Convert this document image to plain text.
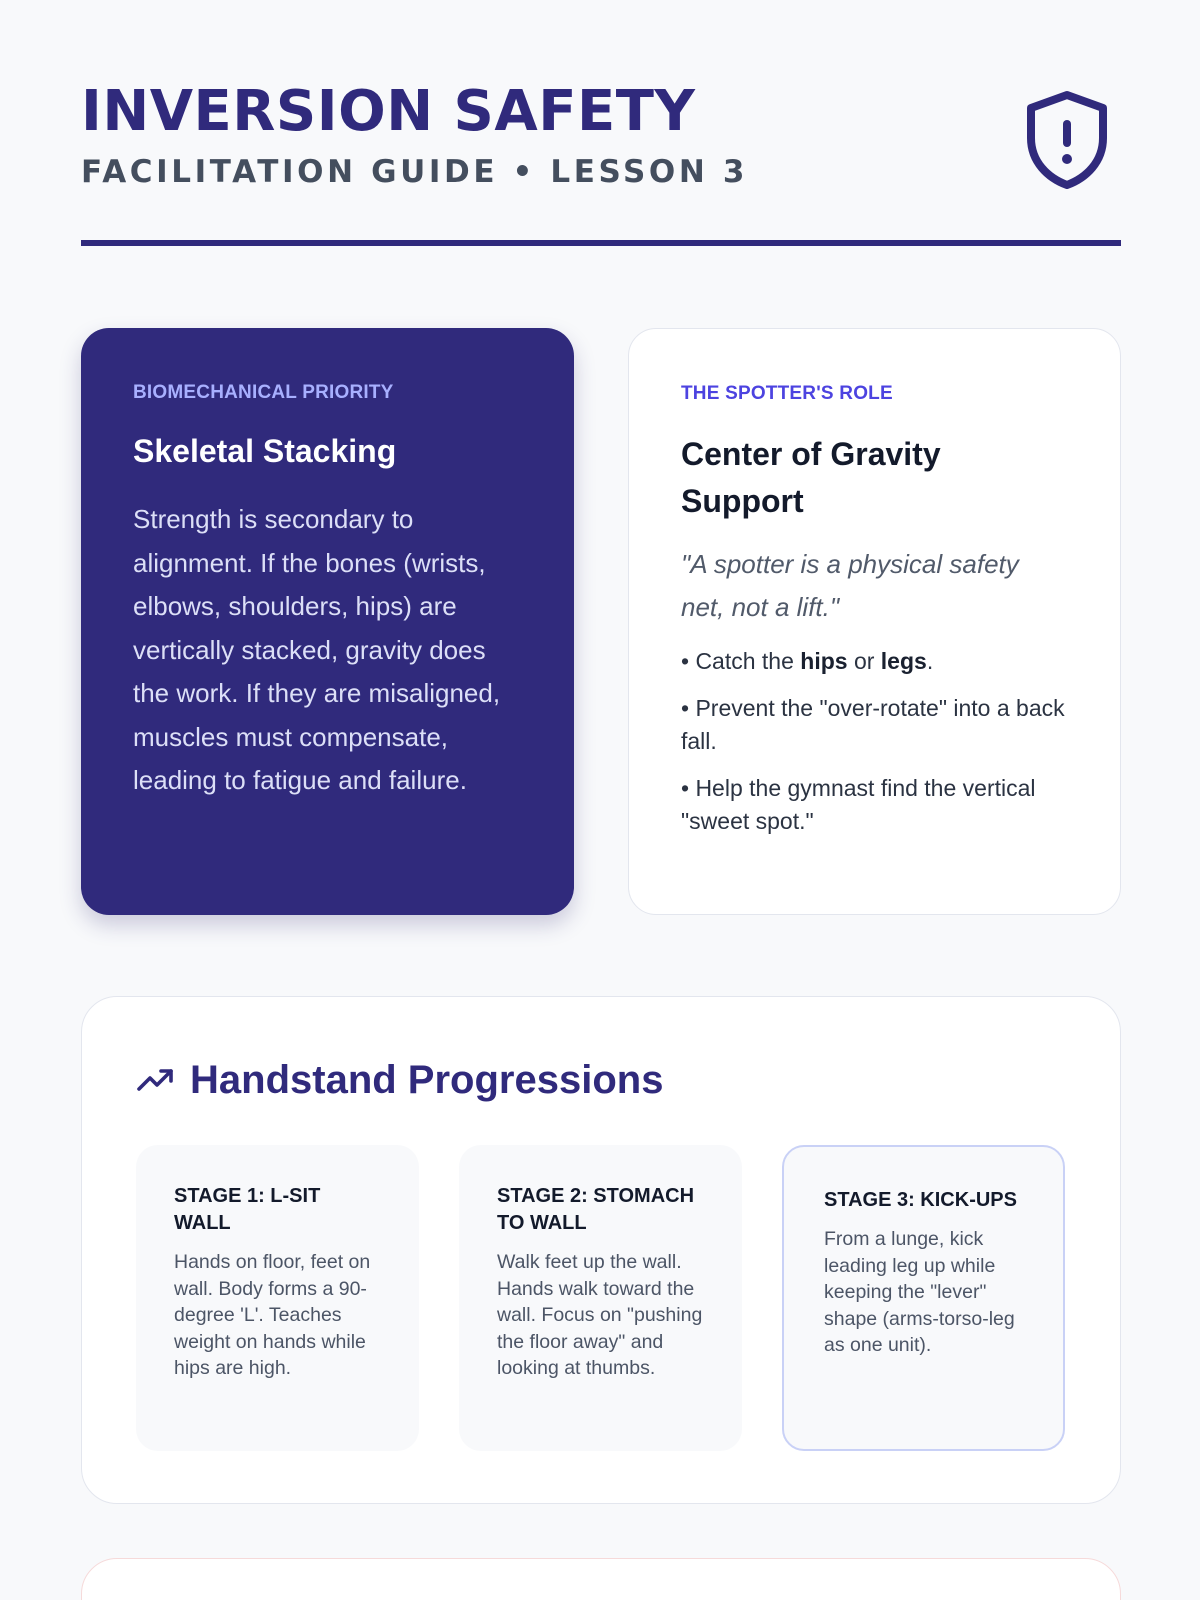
INVERSION SAFETY
FACILITATION GUIDE • LESSON 3
BIOMECHANICAL PRIORITY
Skeletal Stacking

Strength is secondary to alignment. If the bones (wrists, elbows, shoulders, hips) are vertically stacked, gravity does the work. If they are misaligned, muscles must compensate, leading to fatigue and failure.

THE SPOTTER'S ROLE
Center of Gravity Support

"A spotter is a physical safety net, not a lift."

• Catch the hips or legs.
• Prevent the "over-rotate" into a back fall.
• Help the gymnast find the vertical "sweet spot."
Handstand Progressions
STAGE 1: L-SIT WALL

Hands on floor, feet on wall. Body forms a 90-degree 'L'. Teaches weight on hands while hips are high.

STAGE 2: STOMACH TO WALL

Walk feet up the wall. Hands walk toward the wall. Focus on "pushing the floor away" and looking at thumbs.

STAGE 3: KICK-UPS

From a lunge, kick leading leg up while keeping the "lever" shape (arms-torso-leg as one unit).
